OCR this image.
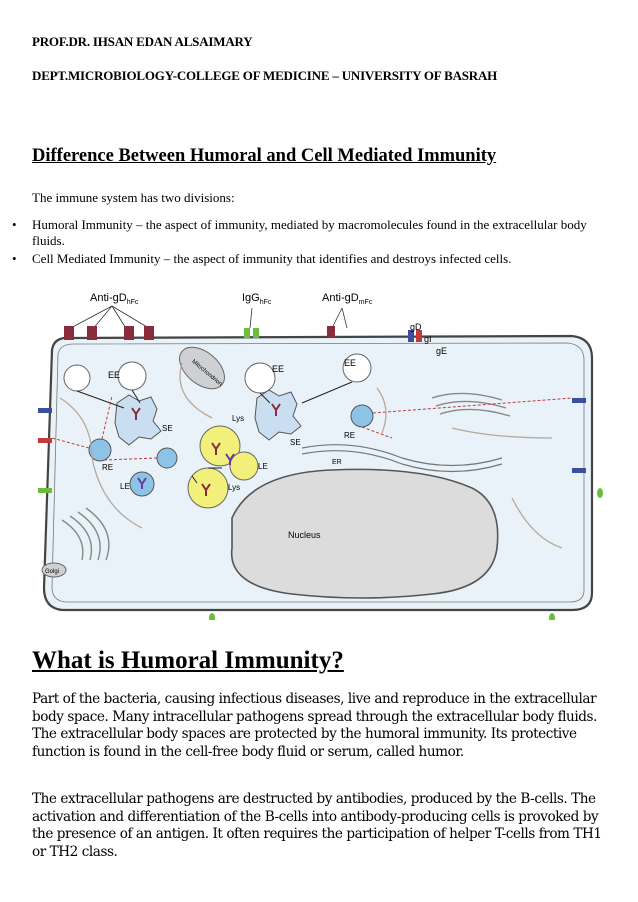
PROF.DR. IHSAN EDAN ALSAIMARY
DEPT.MICROBIOLOGY-COLLEGE OF MEDICINE – UNIVERSITY OF BASRAH
Difference Between Humoral and Cell Mediated Immunity
The immune system has two divisions:
• Humoral Immunity – the aspect of immunity, mediated by macromolecules found in the extracellular body fluids.
• Cell Mediated Immunity – the aspect of immunity that identifies and destroys infected cells.
Anti-$gD_{hFc}$	IgG$_{hFc}$	Anti-$gD_{mFc}$
gD
gI
gE
EE
EE
EE
Mitochondrion
SE
SE
RE
RE
LE
LE
Lys
Lys
ER
Nucleus
Golgi
What is Humoral Immunity?

Part of the bacteria, causing infectious diseases, live and reproduce in the extracellular body space. Many intracellular pathogens spread through the extracellular body fluids. The extracellular body spaces are protected by the humoral immunity. Its protective function is found in the cell-free body fluid or serum, called humor.

The extracellular pathogens are destructed by antibodies, produced by the B-cells. The activation and differentiation of the B-cells into antibody-producing cells is provoked by the presence of an antigen. It often requires the participation of helper T-cells from TH1 or TH2 class.
